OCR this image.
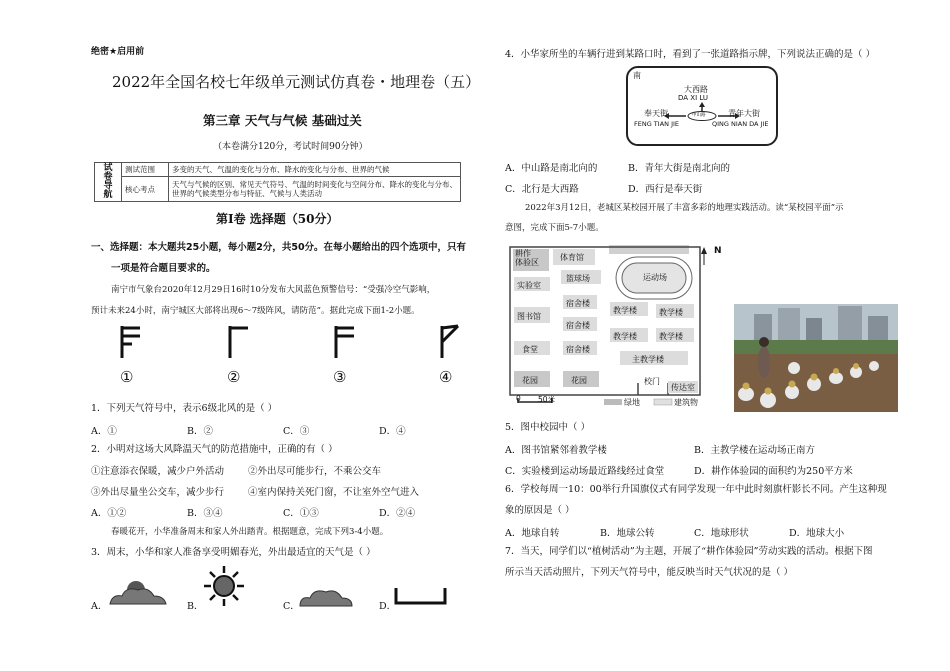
绝密★启用前
2022年全国名校七年级单元测试仿真卷・地理卷（五）
第三章 天气与气候 基础过关
（本卷满分120分，考试时间90分钟）
试 卷
导 航	测试范围	多变的天气、气温的变化与分布、降水的变化与分布、世界的气候
	核心考点	天气与气候的区别、常见天气符号、气温的时间变化与空间分布、降水的变化与分布、世界的气候类型分布与特征、气候与人类活动
第Ⅰ卷 选择题（50分）
一、选择题：本大题共25小题，每小题2分，共50分。在每小题给出的四个选项中，只有
一项是符合题目要求的。
南宁市气象台2020年12月29日16时10分发布大风蓝色预警信号：“受强冷空气影响，
预计未来24小时，南宁城区大部将出现6～7级阵风，请防范”。据此完成下面1-2小题。
①	②	③	④
1．下列天气符号中，表示6级北风的是（ ）
A．①	B．②	C．③	D．④
2．小明对这场大风降温天气的防范措施中，正确的有（ ）
①注意添衣保暖，减少户外活动	②外出尽可能步行，不乘公交车
③外出尽量坐公交车，减少步行	④室内保持关死门窗，不让室外空气进入
A．①②	B．③④	C．①③	D．②④
春暖花开，小华准备周末和家人外出踏青。根据题意，完成下列3-4小题。
3．周末，小华和家人准备享受明媚春光，外出最适宜的天气是（ ）
A．	B．	C．	D．
4．小华家所坐的车辆行进到某路口时，看到了一张道路指示牌，下列说法正确的是（ ）
南
大西路
DA XI LU
中山路
奉天街
FENG TIAN JIE
青年大街
QING NIAN DA JIE
A．中山路是南北向的	B．青年大街是南北向的
C．北行是大西路	D．西行是奉天街
2022年3月12日，老城区某校园开展了丰富多彩的地理实践活动。读“某校园平面”示
意图，完成下面5-7小题。
耕作
体验区
体育馆
篮球场	运动场
实验室
宿舍楼
图书馆
宿舍楼
教学楼	教学楼
食堂	宿舍楼
教学楼	教学楼
主教学楼
花园	花园	校门
传达室
N
0 50米	绿地	建筑物
5．图中校园中（ ）
A．图书馆紧邻着教学楼	B．主教学楼在运动场正南方
C．实验楼到运动场最近路线经过食堂	D．耕作体验园的面积约为250平方米
6．学校每周一10：00举行升国旗仪式有同学发现一年中此时刻旗杆影长不同。产生这种现
象的原因是（ ）
A．地球自转	B．地球公转	C．地球形状	D．地球大小
7．当天，同学们以“植树活动”为主题，开展了“耕作体验园”劳动实践的活动。根据下图
所示当天活动照片，下列天气符号中，能反映当时天气状况的是（ ）
